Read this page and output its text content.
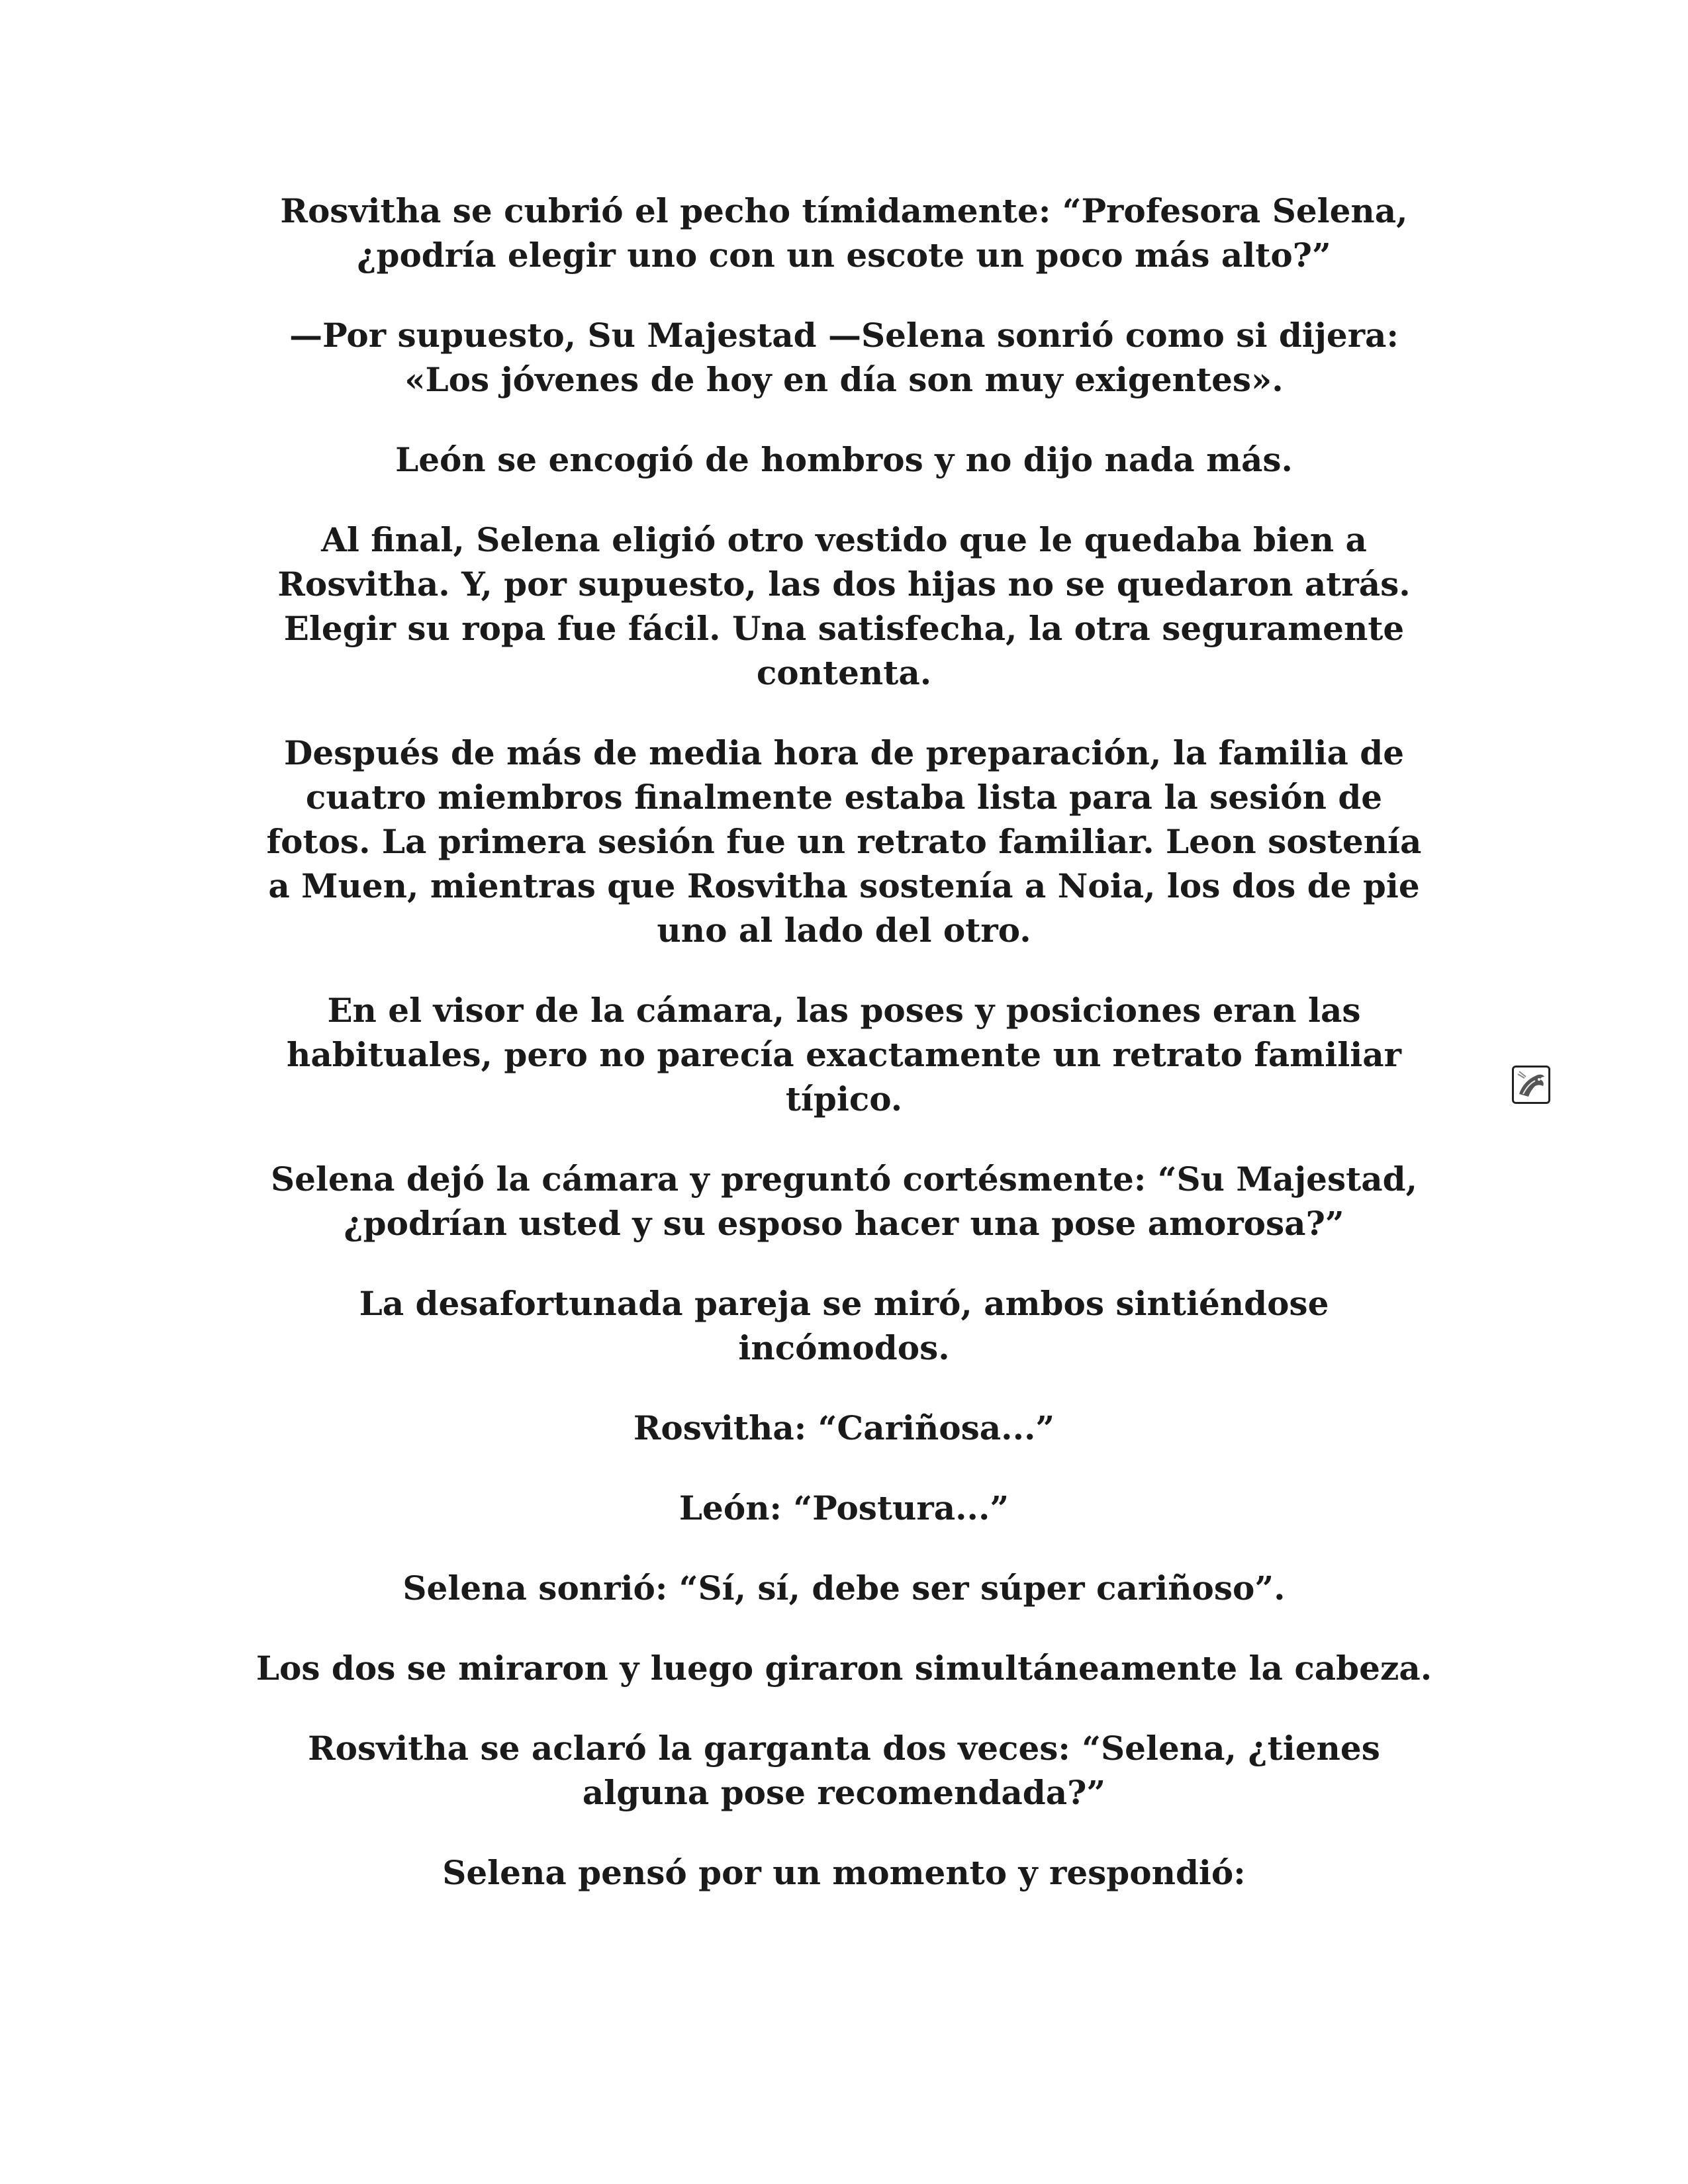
Rosvitha se cubrió el pecho tímidamente: “Profesora Selena,
¿podría elegir uno con un escote un poco más alto?”

—Por supuesto, Su Majestad —Selena sonrió como si dijera:
«Los jóvenes de hoy en día son muy exigentes».

León se encogió de hombros y no dijo nada más.

Al final, Selena eligió otro vestido que le quedaba bien a
Rosvitha. Y, por supuesto, las dos hijas no se quedaron atrás.
Elegir su ropa fue fácil. Una satisfecha, la otra seguramente
contenta.

Después de más de media hora de preparación, la familia de
cuatro miembros finalmente estaba lista para la sesión de
fotos. La primera sesión fue un retrato familiar. Leon sostenía
a Muen, mientras que Rosvitha sostenía a Noia, los dos de pie
uno al lado del otro.

En el visor de la cámara, las poses y posiciones eran las
habituales, pero no parecía exactamente un retrato familiar
típico.

Selena dejó la cámara y preguntó cortésmente: “Su Majestad,
¿podrían usted y su esposo hacer una pose amorosa?”

La desafortunada pareja se miró, ambos sintiéndose
incómodos.

Rosvitha: “Cariñosa...”

León: “Postura...”

Selena sonrió: “Sí, sí, debe ser súper cariñoso”.

Los dos se miraron y luego giraron simultáneamente la cabeza.

Rosvitha se aclaró la garganta dos veces: “Selena, ¿tienes
alguna pose recomendada?”

Selena pensó por un momento y respondió:
